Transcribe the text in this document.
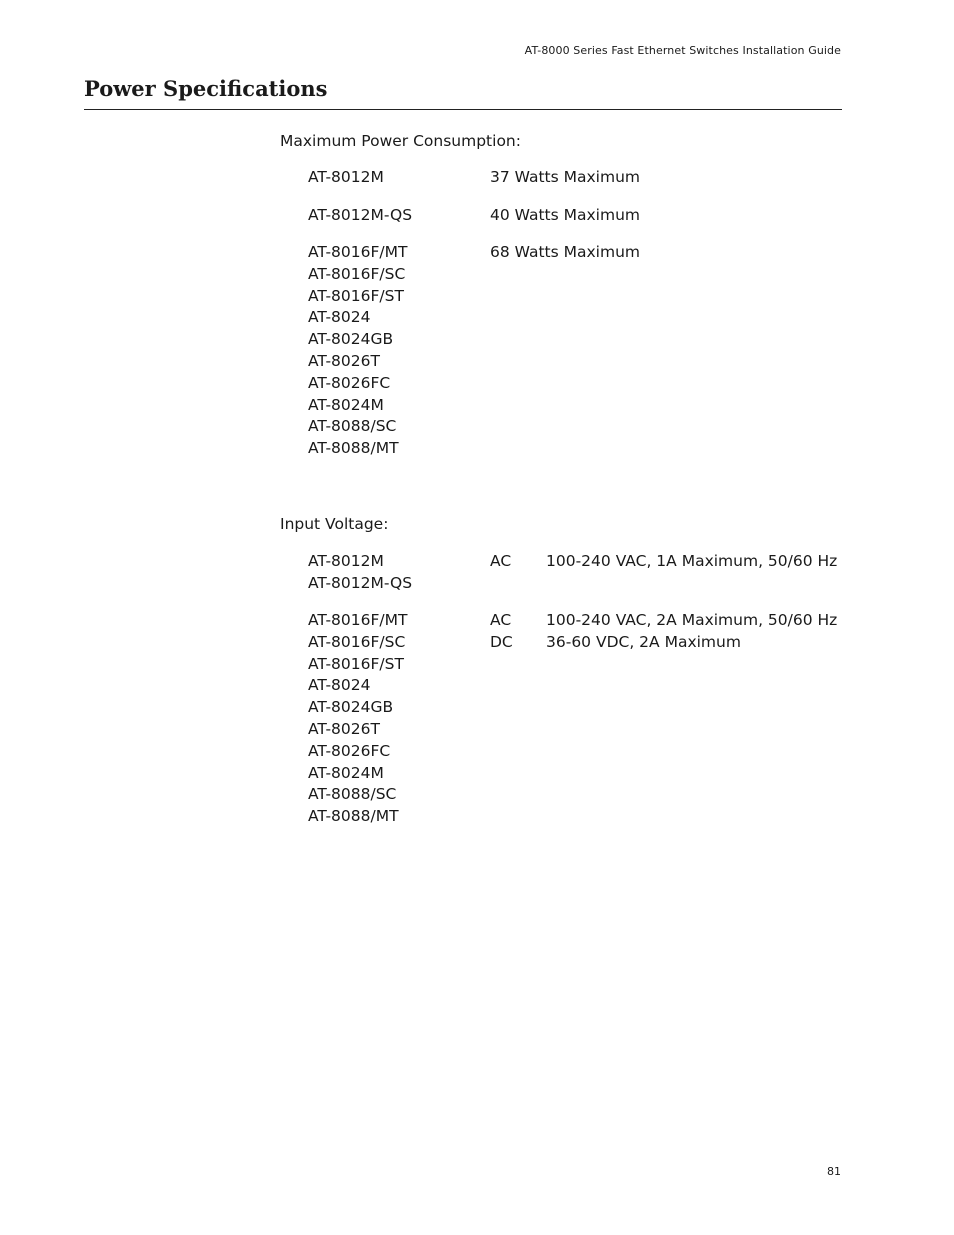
AT-8000 Series Fast Ethernet Switches Installation Guide
Power Specifications
Maximum Power Consumption:
AT-8012M	37 Watts Maximum
AT-8012M-QS	40 Watts Maximum
AT-8016F/MT
AT-8016F/SC
AT-8016F/ST
AT-8024
AT-8024GB
AT-8026T
AT-8026FC
AT-8024M
AT-8088/SC
AT-8088/MT
68 Watts Maximum
Input Voltage:
AT-8012M
AT-8012M-QS
AC 100-240 VAC, 1A Maximum, 50/60 Hz
AT-8016F/MT
AT-8016F/SC
AT-8016F/ST
AT-8024
AT-8024GB
AT-8026T
AT-8026FC
AT-8024M
AT-8088/SC
AT-8088/MT
AC 100-240 VAC, 2A Maximum, 50/60 Hz
DC 36-60 VDC, 2A Maximum
81
